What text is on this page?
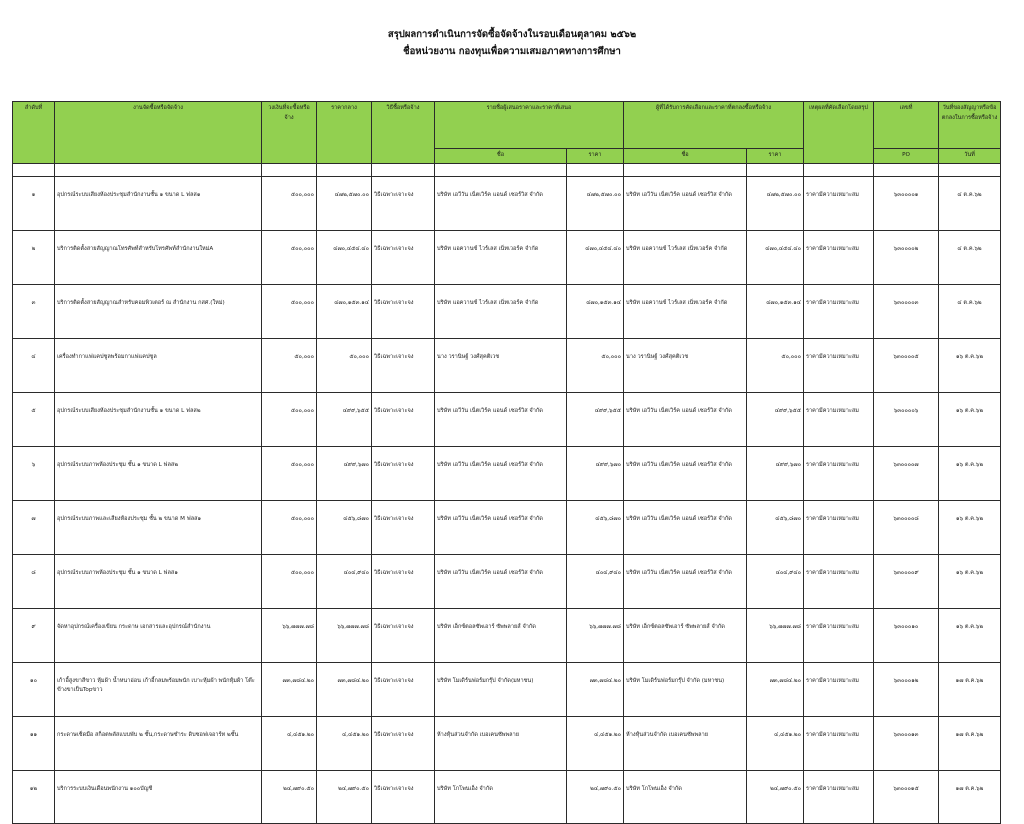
สรุปผลการดำเนินการจัดซื้อจัดจ้างในรอบเดือนตุลาคม ๒๕๖๒
ชื่อหน่วยงาน กองทุนเพื่อความเสมอภาคทางการศึกษา
ลำดับที่	งานจัดซื้อหรือจัดจ้าง	วงเงินที่จะซื้อหรือจ้าง	ราคากลาง	วิธีซื้อหรือจ้าง	รายชื่อผู้เสนอราคาและราคาที่เสนอ		ผู้ที่ได้รับการคัดเลือกและราคาที่ตกลงซื้อหรือจ้าง		เหตุผลที่คัดเลือกโดยสรุป	เลขที่	วันที่ของสัญญาหรือข้อตกลงในการซื้อหรือจ้าง
					ชื่อ	ราคา	ชื่อ	ราคา		PO	วันที่

๑	อุปกรณ์ระบบเสียงห้องประชุมสำนักงานชั้น ๑ ขนาด L ฟลส๑	๕๐๐,๐๐๐	๔๗๒,๕๗๐.๐๐	วิธีเฉพาะเจาะจง	บริษัท เอวีวัน เน็ตเวิร์ค แอนด์ เซอร์วิส จำกัด	๔๗๒,๕๗๐.๐๐	บริษัท เอวีวัน เน็ตเวิร์ค แอนด์ เซอร์วิส จำกัด	๔๗๒,๕๗๐.๐๐	ราคามีความเหมาะสม	๖๓๐๐๐๐๑	๔ ต.ค.๖๒
๒	บริการติดตั้งสายสัญญาณโทรศัพท์สำหรับโทรศัพท์สำนักงานใหม่A	๕๐๐,๐๐๐	๔๗๐,๔๕๔.๔๐	วิธีเฉพาะเจาะจง	บริษัท แอควานซ์ ไวร์เลส เน็ทเวอร์ค จำกัด	๔๗๐,๔๕๔.๔๐	บริษัท แอควานซ์ ไวร์เลส เน็ทเวอร์ค จำกัด	๔๗๐,๔๕๔.๔๐	ราคามีความเหมาะสม	๖๓๐๐๐๐๒	๔ ต.ค.๖๒
๓	บริการติดตั้งสายสัญญาณสำหรับคอมพิวเตอร์ ณ สำนักงาน กสศ.(ใหม่)	๕๐๐,๐๐๐	๔๗๐,๑๕๓.๑๔	วิธีเฉพาะเจาะจง	บริษัท แอควานซ์ ไวร์เลส เน็ทเวอร์ค จำกัด	๔๗๐,๑๕๓.๑๔	บริษัท แอควานซ์ ไวร์เลส เน็ทเวอร์ค จำกัด	๔๗๐,๑๕๓.๑๔	ราคามีความเหมาะสม	๖๓๐๐๐๐๓	๔ ต.ค.๖๒
๔	เครื่องทำกาแฟแคปซูลพร้อมกาแฟแคปซูล	๕๐,๐๐๐	๕๐,๐๐๐	วิธีเฉพาะเจาะจง	นาง วรานิษฐ์ วงศ์สุคติเวช	๕๐,๐๐๐	นาง วรานิษฐ์ วงศ์สุคติเวช	๕๐,๐๐๐	ราคามีความเหมาะสม	๖๓๐๐๐๐๕	๑๖ ต.ค.๖๒
๕	อุปกรณ์ระบบเสียงห้องประชุมสำนักงานชั้น ๑ ขนาด L ฟลส๒	๕๐๐,๐๐๐	๔๙๙,๖๕๕	วิธีเฉพาะเจาะจง	บริษัท เอวีวัน เน็ตเวิร์ค แอนด์ เซอร์วิส จำกัด	๔๙๙,๖๕๕	บริษัท เอวีวัน เน็ตเวิร์ค แอนด์ เซอร์วิส จำกัด	๔๙๙,๖๕๕	ราคามีความเหมาะสม	๖๓๐๐๐๐๖	๑๖ ต.ค.๖๒
๖	อุปกรณ์ระบบภาพห้องประชุม ชั้น ๑ ขนาด L ฟลส๒	๕๐๐,๐๐๐	๔๙๙,๖๗๐	วิธีเฉพาะเจาะจง	บริษัท เอวีวัน เน็ตเวิร์ค แอนด์ เซอร์วิส จำกัด	๔๙๙,๖๗๐	บริษัท เอวีวัน เน็ตเวิร์ค แอนด์ เซอร์วิส จำกัด	๔๙๙,๖๗๐	ราคามีความเหมาะสม	๖๓๐๐๐๐๗	๑๖ ต.ค.๖๒
๗	อุปกรณ์ระบบภาพและเสียงห้องประชุม ชั้น ๒ ขนาด M ฟลส๑	๕๐๐,๐๐๐	๔๕๖,๘๗๐	วิธีเฉพาะเจาะจง	บริษัท เอวีวัน เน็ตเวิร์ค แอนด์ เซอร์วิส จำกัด	๔๕๖,๘๗๐	บริษัท เอวีวัน เน็ตเวิร์ค แอนด์ เซอร์วิส จำกัด	๔๕๖,๘๗๐	ราคามีความเหมาะสม	๖๓๐๐๐๐๘	๑๖ ต.ค.๖๒
๘	อุปกรณ์ระบบภาพห้องประชุม ชั้น ๑ ขนาด L ฟลส๑	๕๐๐,๐๐๐	๔๐๔,๙๔๐	วิธีเฉพาะเจาะจง	บริษัท เอวีวัน เน็ตเวิร์ค แอนด์ เซอร์วิส จำกัด	๔๐๔,๙๔๐	บริษัท เอวีวัน เน็ตเวิร์ค แอนด์ เซอร์วิส จำกัด	๔๐๔,๙๔๐	ราคามีความเหมาะสม	๖๓๐๐๐๐๙	๑๖ ต.ค.๖๒
๙	จัดหาอุปกรณ์เครื่องเขียน กระดาษ เอกสารและอุปกรณ์สำนักงาน	๖๖,๗๗๗.๗๘	๖๖,๗๗๗.๗๘	วิธีเฉพาะเจาะจง	บริษัท เอ็กซ์ตอลซัพเอาร์ ซัพพลายส์ จำกัด	๖๖,๗๗๗.๗๘	บริษัท เอ็กซ์ตอลซัพเอาร์ ซัพพลายส์ จำกัด	๖๖,๗๗๗.๗๘	ราคามีความเหมาะสม	๖๓๐๐๐๑๐	๑๖ ต.ค.๖๒
๑๐	เก้าอี้สูงขาสีขาว หุ้มผ้า น้ำหนาอ่อน เก้าอี้กลมพร้อมพนัก เบาะหุ้มผ้า พนักหุ้มผ้า โต๊ะข้างขาเป็นTopขาว	๗๓,๗๘๔.๒๐	๗๓,๗๘๔.๒๐	วิธีเฉพาะเจาะจง	บริษัท โมเดิร์นฟอร์มกรุ๊ป จำกัด(มหาชน)	๗๓,๗๘๔.๒๐	บริษัท โมเดิร์นฟอร์มกรุ๊ป จำกัด (มหาชน)	๗๓,๗๘๔.๒๐	ราคามีความเหมาะสม	๖๓๐๐๐๑๒	๑๗ ต.ค.๖๒
๑๑	กระดาษเช็ดมือ สก็อตพลัสแบบพับ ๒ ชั้น,กระดาษชำระ ดิบซอฟเจอาร์ท ๒ชั้น	๔,๔๕๑.๒๐	๔,๔๕๑.๒๐	วิธีเฉพาะเจาะจง	ห้างหุ้นส่วนจำกัด เบอเคนซัพพลาย	๔,๔๕๑.๒๐	ห้างหุ้นส่วนจำกัด เบอเคนซัพพลาย	๔,๔๕๑.๒๐	ราคามีความเหมาะสม	๖๓๐๐๐๑๓	๑๗ ต.ค.๖๒
๑๒	บริการระบบเงินเดือนพนักงาน ๑๐๐บัญชี	๒๔,๗๙๐.๕๐	๒๔,๗๙๐.๕๐	วิธีเฉพาะเจาะจง	บริษัท โกโพนเอ็ง จำกัด	๒๔,๗๙๐.๕๐	บริษัท โกโพนเอ็ง จำกัด	๒๔,๗๙๐.๕๐	ราคามีความเหมาะสม	๖๓๐๐๐๑๕	๑๗ ต.ค.๖๒
